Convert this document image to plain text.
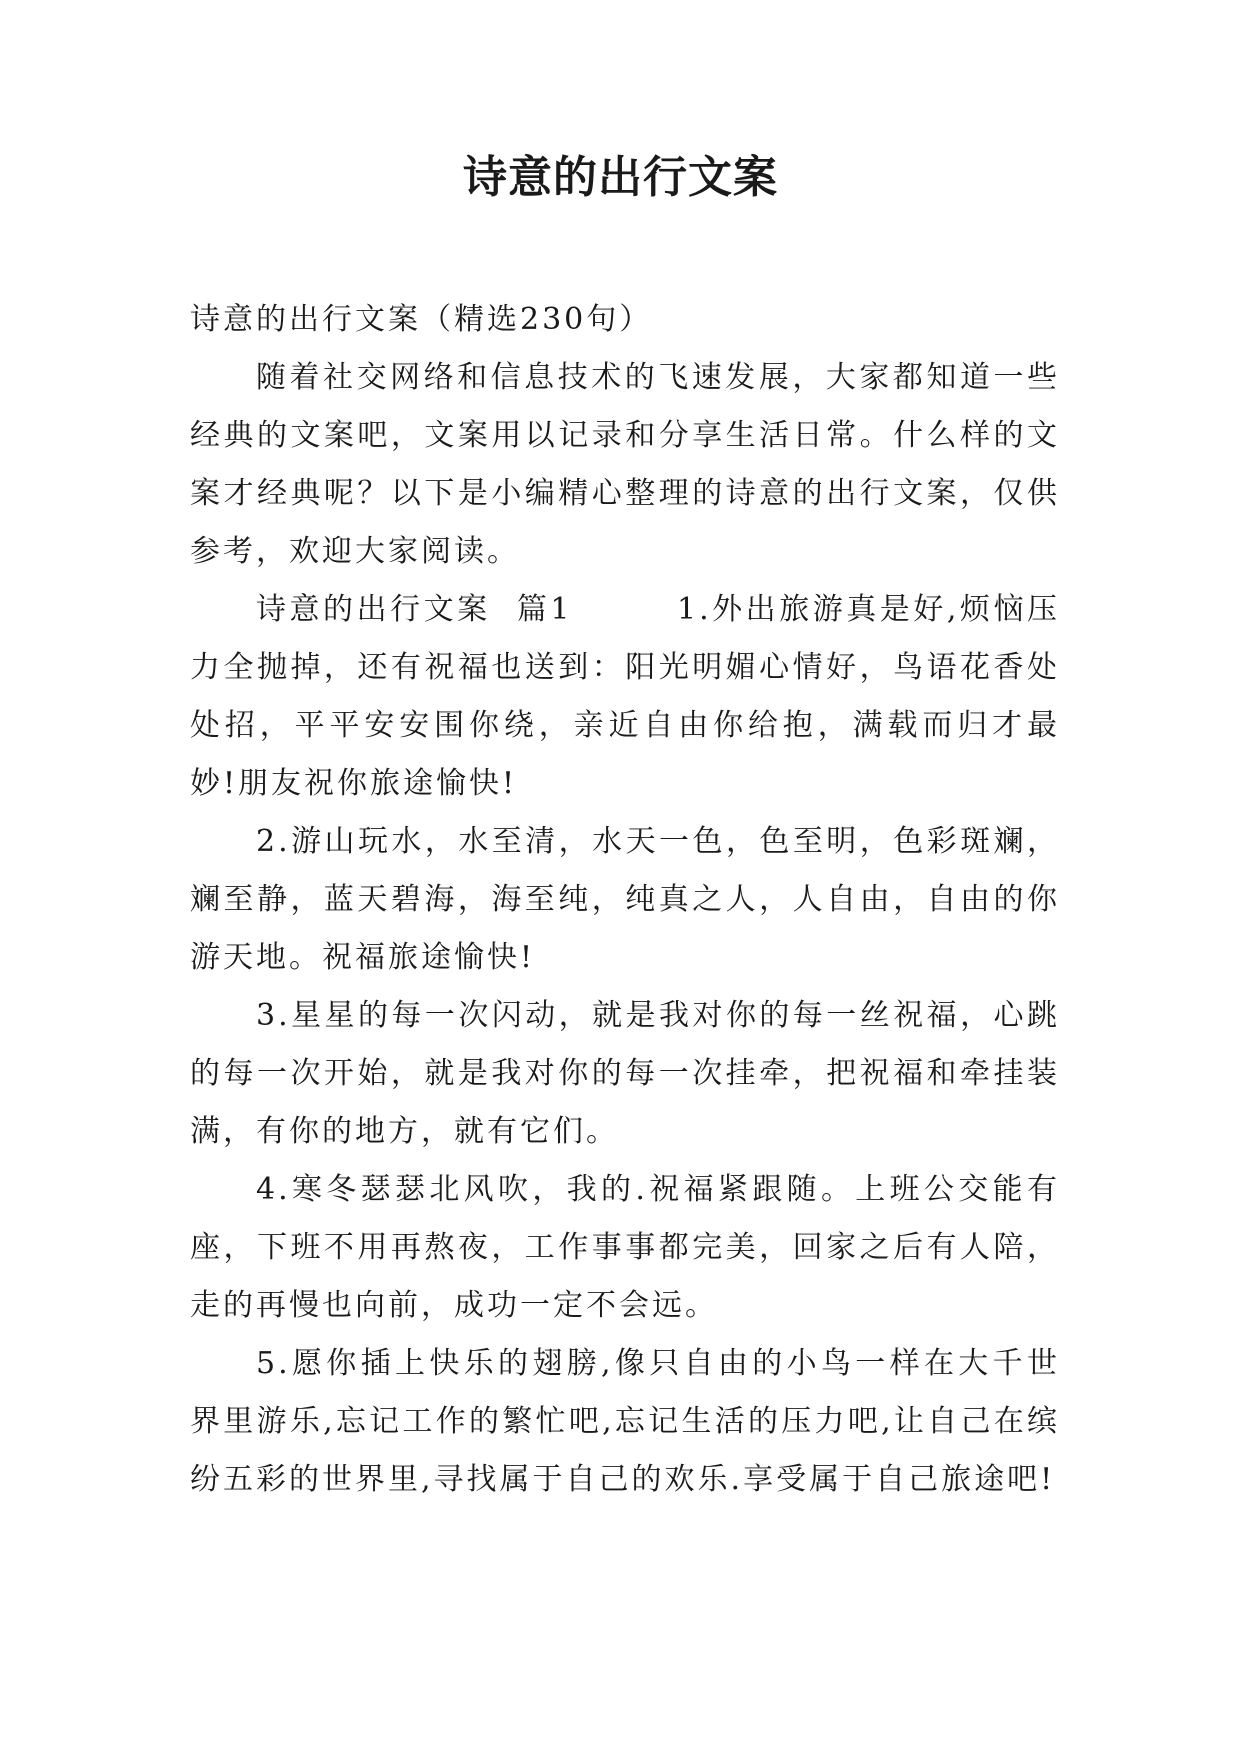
诗意的出行文案

诗意的出行文案（精选230句）

随着社交网络和信息技术的飞速发展，大家都知道一些经典的文案吧，文案用以记录和分享生活日常。什么样的文案才经典呢？以下是小编精心整理的诗意的出行文案，仅供参考，欢迎大家阅读。

诗意的出行文案  篇1        1.外出旅游真是好,烦恼压力全抛掉，还有祝福也送到：阳光明媚心情好，鸟语花香处处招，平平安安围你绕，亲近自由你给抱，满载而归才最妙!朋友祝你旅途愉快!

2.游山玩水，水至清，水天一色，色至明，色彩斑斓，斓至静，蓝天碧海，海至纯，纯真之人，人自由，自由的你游天地。祝福旅途愉快!

3.星星的每一次闪动，就是我对你的每一丝祝福，心跳的每一次开始，就是我对你的每一次挂牵，把祝福和牵挂装满，有你的地方，就有它们。

4.寒冬瑟瑟北风吹，我的.祝福紧跟随。上班公交能有座，下班不用再熬夜，工作事事都完美，回家之后有人陪，走的再慢也向前，成功一定不会远。

5.愿你插上快乐的翅膀,像只自由的小鸟一样在大千世界里游乐,忘记工作的繁忙吧,忘记生活的压力吧,让自己在缤纷五彩的世界里,寻找属于自己的欢乐.享受属于自己旅途吧!
